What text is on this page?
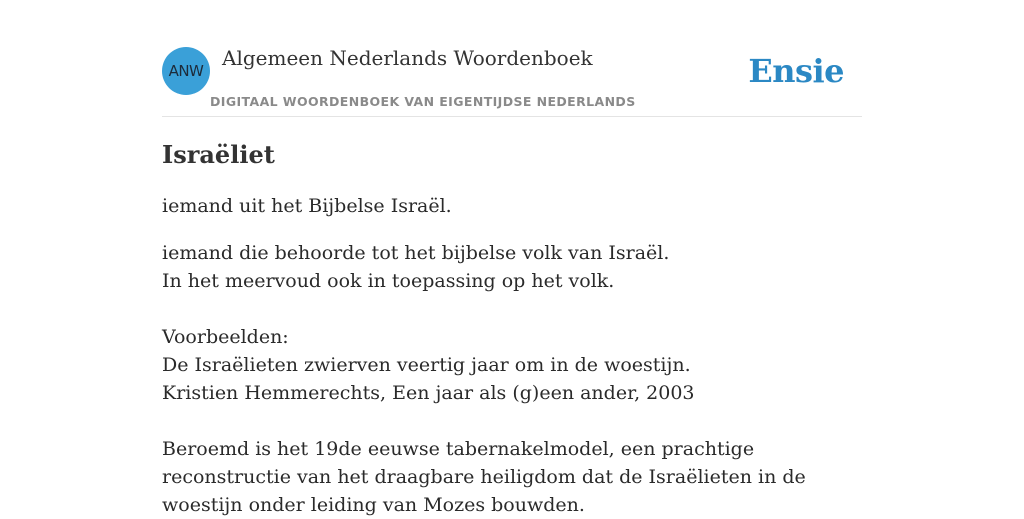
ANW
Algemeen Nederlands Woordenboek
DIGITAAL WOORDENBOEK VAN EIGENTIJDSE NEDERLANDS
Ensie
Israëliet
iemand uit het Bijbelse Israël.
iemand die behoorde tot het bijbelse volk van Israël.
In het meervoud ook in toepassing op het volk.

Voorbeelden:
De Israëlieten zwierven veertig jaar om in de woestijn.
Kristien Hemmerechts, Een jaar als (g)een ander, 2003

Beroemd is het 19de eeuwse tabernakelmodel, een prachtige reconstructie van het draagbare heiligdom dat de Israëlieten in de woestijn onder leiding van Mozes bouwden.
